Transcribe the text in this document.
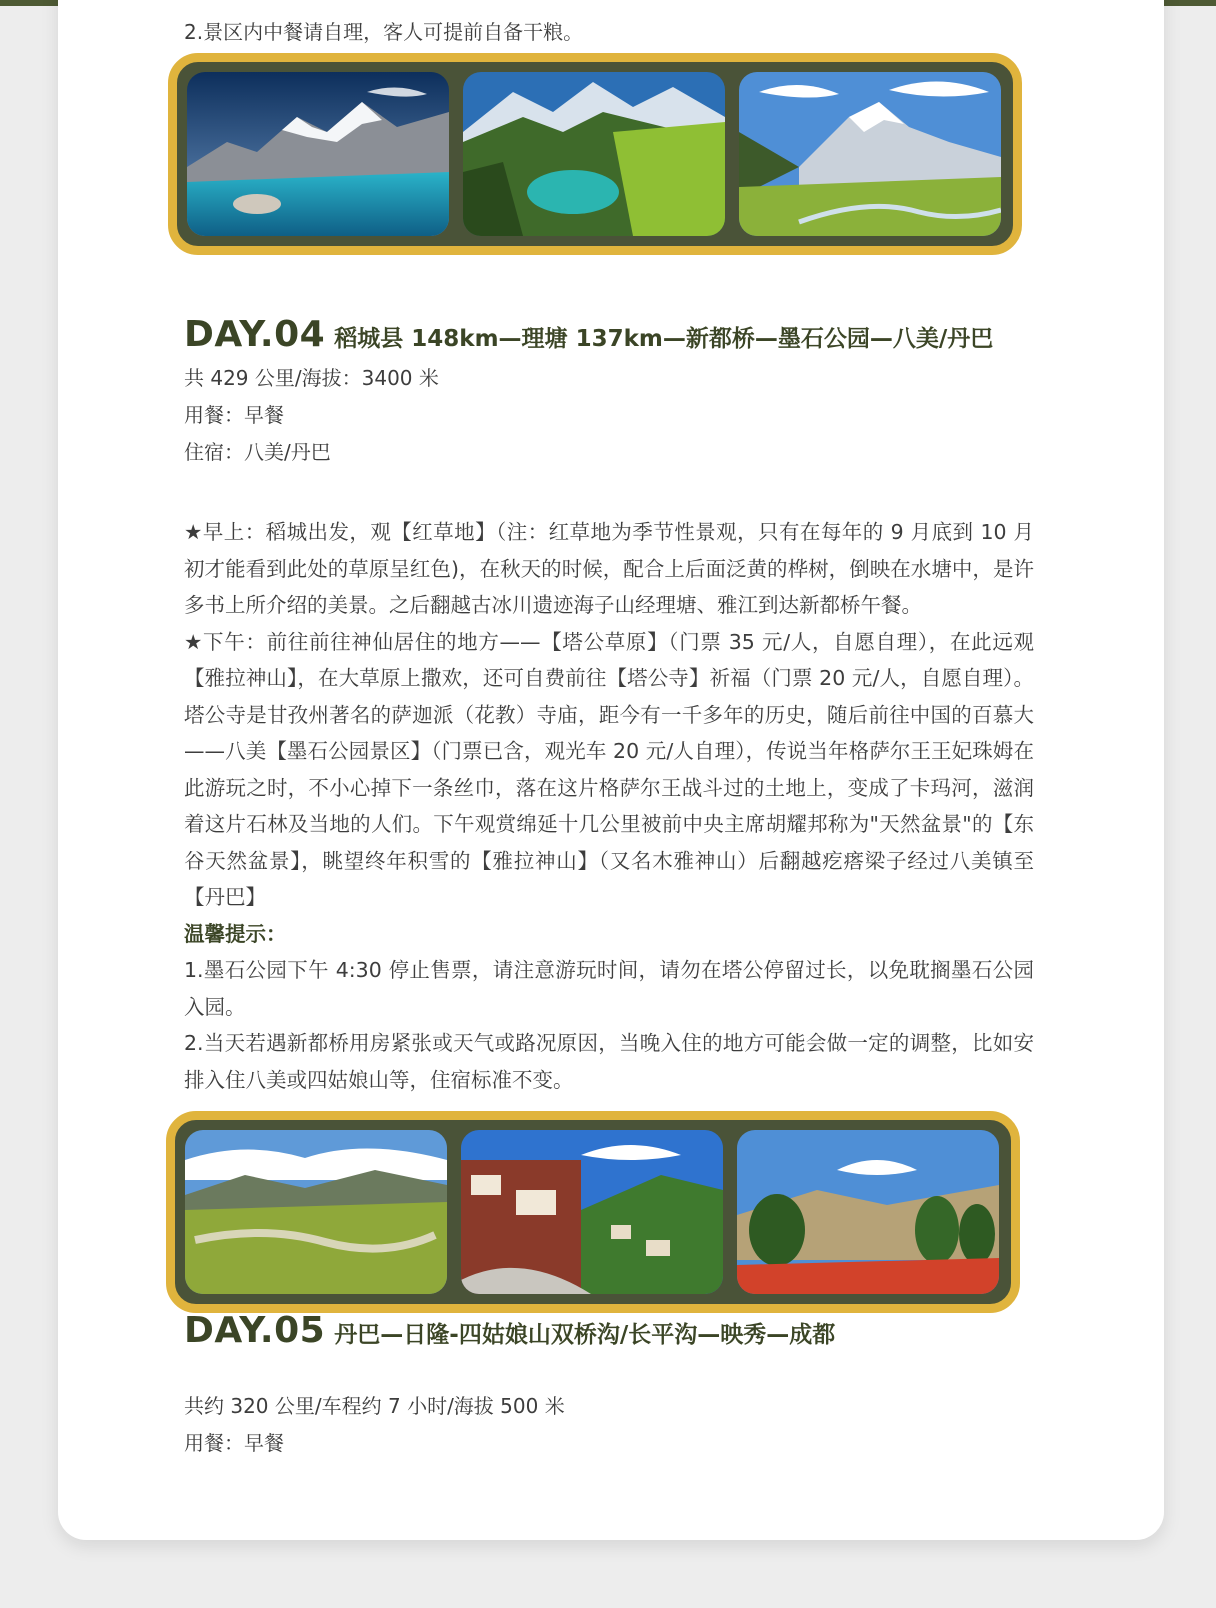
2.景区内中餐请自理，客人可提前自备干粮。

DAY.04 稻城县 148km—理塘 137km—新都桥—墨石公园—八美/丹巴

共 429 公里/海拔：3400 米

用餐：早餐

住宿：八美/丹巴

★早上：稻城出发，观【红草地】（注：红草地为季节性景观，只有在每年的 9 月底到 10 月初才能看到此处的草原呈红色)，在秋天的时候，配合上后面泛黄的桦树，倒映在水塘中，是许多书上所介绍的美景。之后翻越古冰川遗迹海子山经理塘、雅江到达新都桥午餐。

★下午：前往前往神仙居住的地方——【塔公草原】（门票 35 元/人，自愿自理），在此远观【雅拉神山】，在大草原上撒欢，还可自费前往【塔公寺】祈福（门票 20 元/人，自愿自理）。塔公寺是甘孜州著名的萨迦派（花教）寺庙，距今有一千多年的历史，随后前往中国的百慕大——八美【墨石公园景区】（门票已含，观光车 20 元/人自理），传说当年格萨尔王王妃珠姆在此游玩之时，不小心掉下一条丝巾，落在这片格萨尔王战斗过的土地上，变成了卡玛河，滋润着这片石林及当地的人们。下午观赏绵延十几公里被前中央主席胡耀邦称为"天然盆景"的【东谷天然盆景】，眺望终年积雪的【雅拉神山】（又名木雅神山）后翻越疙瘩梁子经过八美镇至【丹巴】

温馨提示：

1.墨石公园下午 4:30 停止售票，请注意游玩时间，请勿在塔公停留过长，以免耽搁墨石公园入园。

2.当天若遇新都桥用房紧张或天气或路况原因，当晚入住的地方可能会做一定的调整，比如安排入住八美或四姑娘山等，住宿标准不变。

DAY.05 丹巴—日隆-四姑娘山双桥沟/长平沟—映秀—成都

共约 320 公里/车程约 7 小时/海拔 500 米

用餐：早餐
